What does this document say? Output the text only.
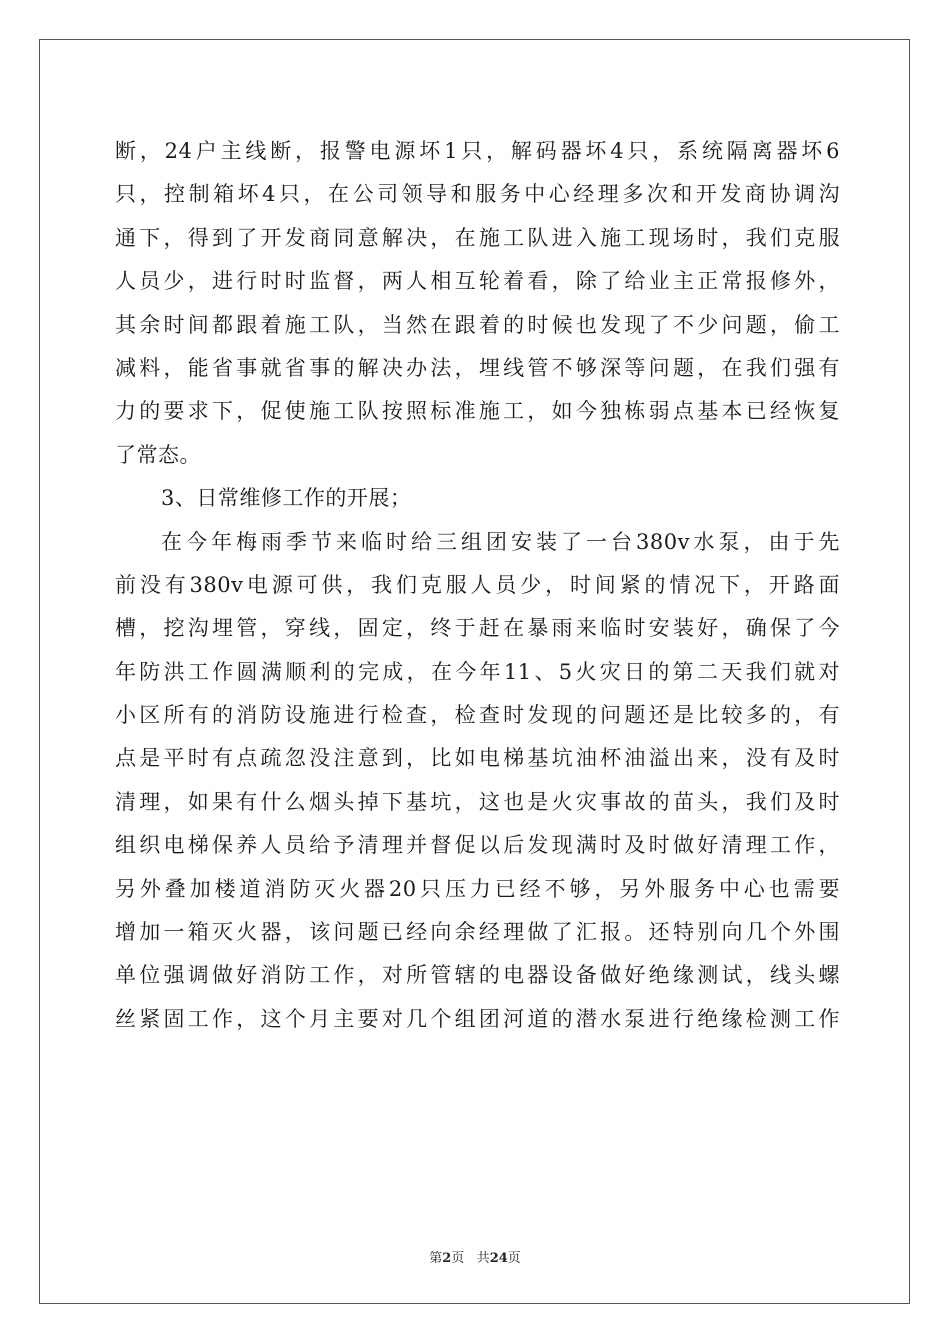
断，24户主线断，报警电源坏1只，解码器坏4只，系统隔离器坏6
只，控制箱坏4只，在公司领导和服务中心经理多次和开发商协调沟
通下，得到了开发商同意解决，在施工队进入施工现场时，我们克服
人员少，进行时时监督，两人相互轮着看，除了给业主正常报修外，
其余时间都跟着施工队，当然在跟着的时候也发现了不少问题，偷工
减料，能省事就省事的解决办法，埋线管不够深等问题，在我们强有
力的要求下，促使施工队按照标准施工，如今独栋弱点基本已经恢复
了常态。
3、日常维修工作的开展；
在今年梅雨季节来临时给三组团安装了一台380v水泵，由于先
前没有380v电源可供，我们克服人员少，时间紧的情况下，开路面
槽，挖沟埋管，穿线，固定，终于赶在暴雨来临时安装好，确保了今
年防洪工作圆满顺利的完成，在今年11、5火灾日的第二天我们就对
小区所有的消防设施进行检查，检查时发现的问题还是比较多的，有
点是平时有点疏忽没注意到，比如电梯基坑油杯油溢出来，没有及时
清理，如果有什么烟头掉下基坑，这也是火灾事故的苗头，我们及时
组织电梯保养人员给予清理并督促以后发现满时及时做好清理工作，
另外叠加楼道消防灭火器20只压力已经不够，另外服务中心也需要
增加一箱灭火器，该问题已经向余经理做了汇报。还特别向几个外围
单位强调做好消防工作，对所管辖的电器设备做好绝缘测试，线头螺
丝紧固工作，这个月主要对几个组团河道的潜水泵进行绝缘检测工作
第2页 共24页
